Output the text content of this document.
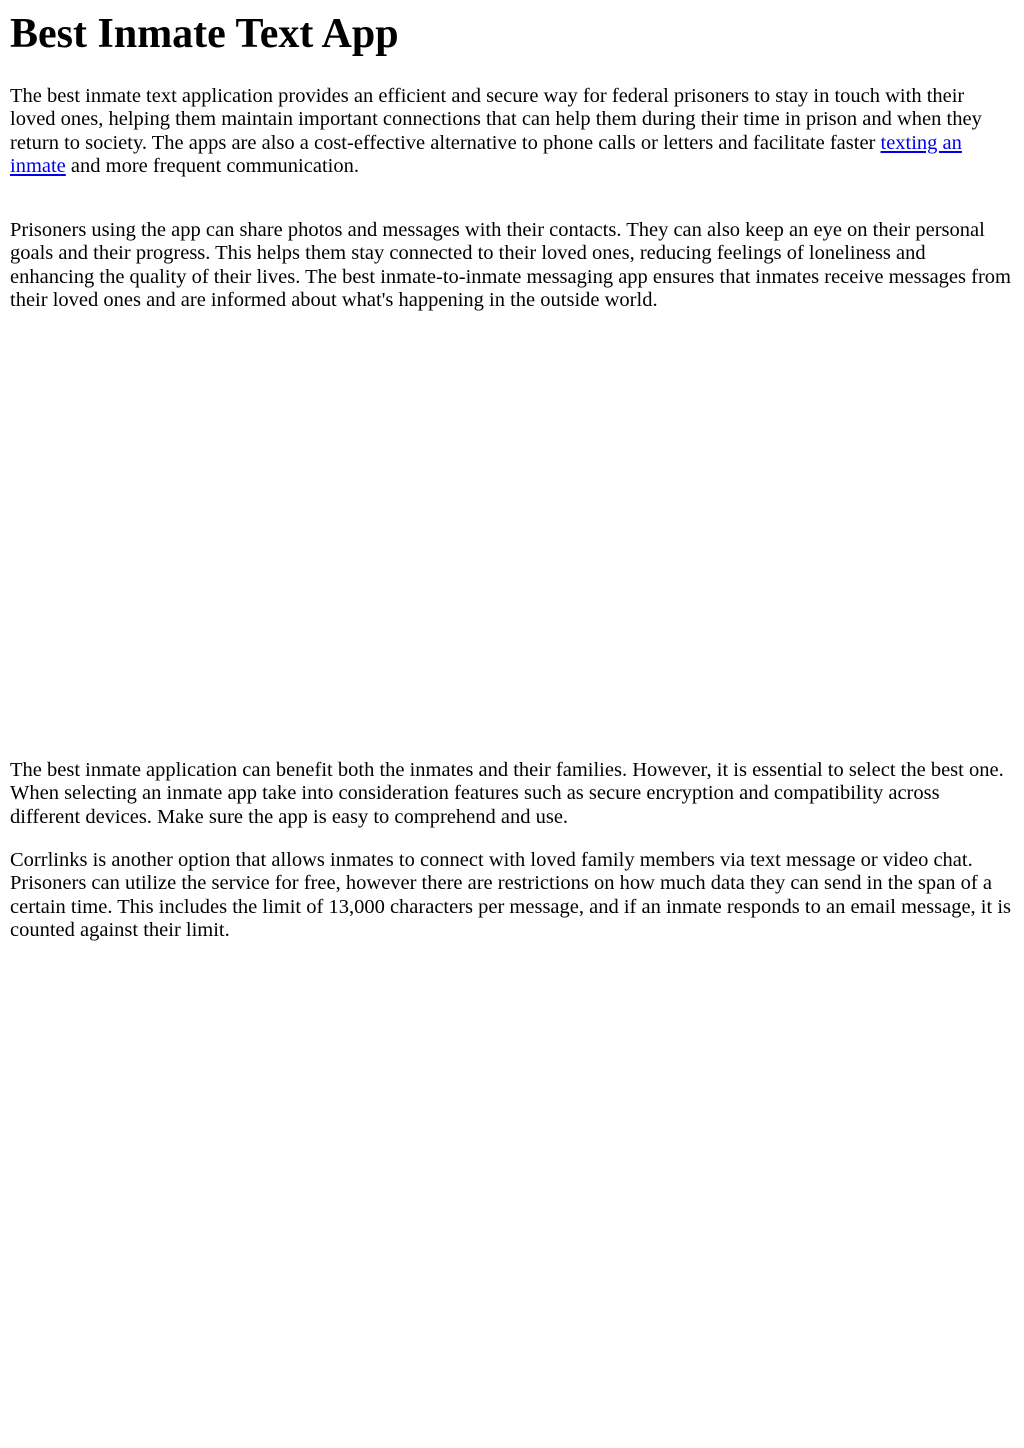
Best Inmate Text App

The best inmate text application provides an efficient and secure way for federal prisoners to stay in touch with their loved ones, helping them maintain important connections that can help them during their time in prison and when they return to society. The apps are also a cost-effective alternative to phone calls or letters and facilitate faster texting an inmate and more frequent communication.

Prisoners using the app can share photos and messages with their contacts. They can also keep an eye on their personal goals and their progress. This helps them stay connected to their loved ones, reducing feelings of loneliness and enhancing the quality of their lives. The best inmate-to-inmate messaging app ensures that inmates receive messages from their loved ones and are informed about what's happening in the outside world.

The best inmate application can benefit both the inmates and their families. However, it is essential to select the best one. When selecting an inmate app take into consideration features such as secure encryption and compatibility across different devices. Make sure the app is easy to comprehend and use.

Corrlinks is another option that allows inmates to connect with loved family members via text message or video chat. Prisoners can utilize the service for free, however there are restrictions on how much data they can send in the span of a certain time. This includes the limit of 13,000 characters per message, and if an inmate responds to an email message, it is counted against their limit.
